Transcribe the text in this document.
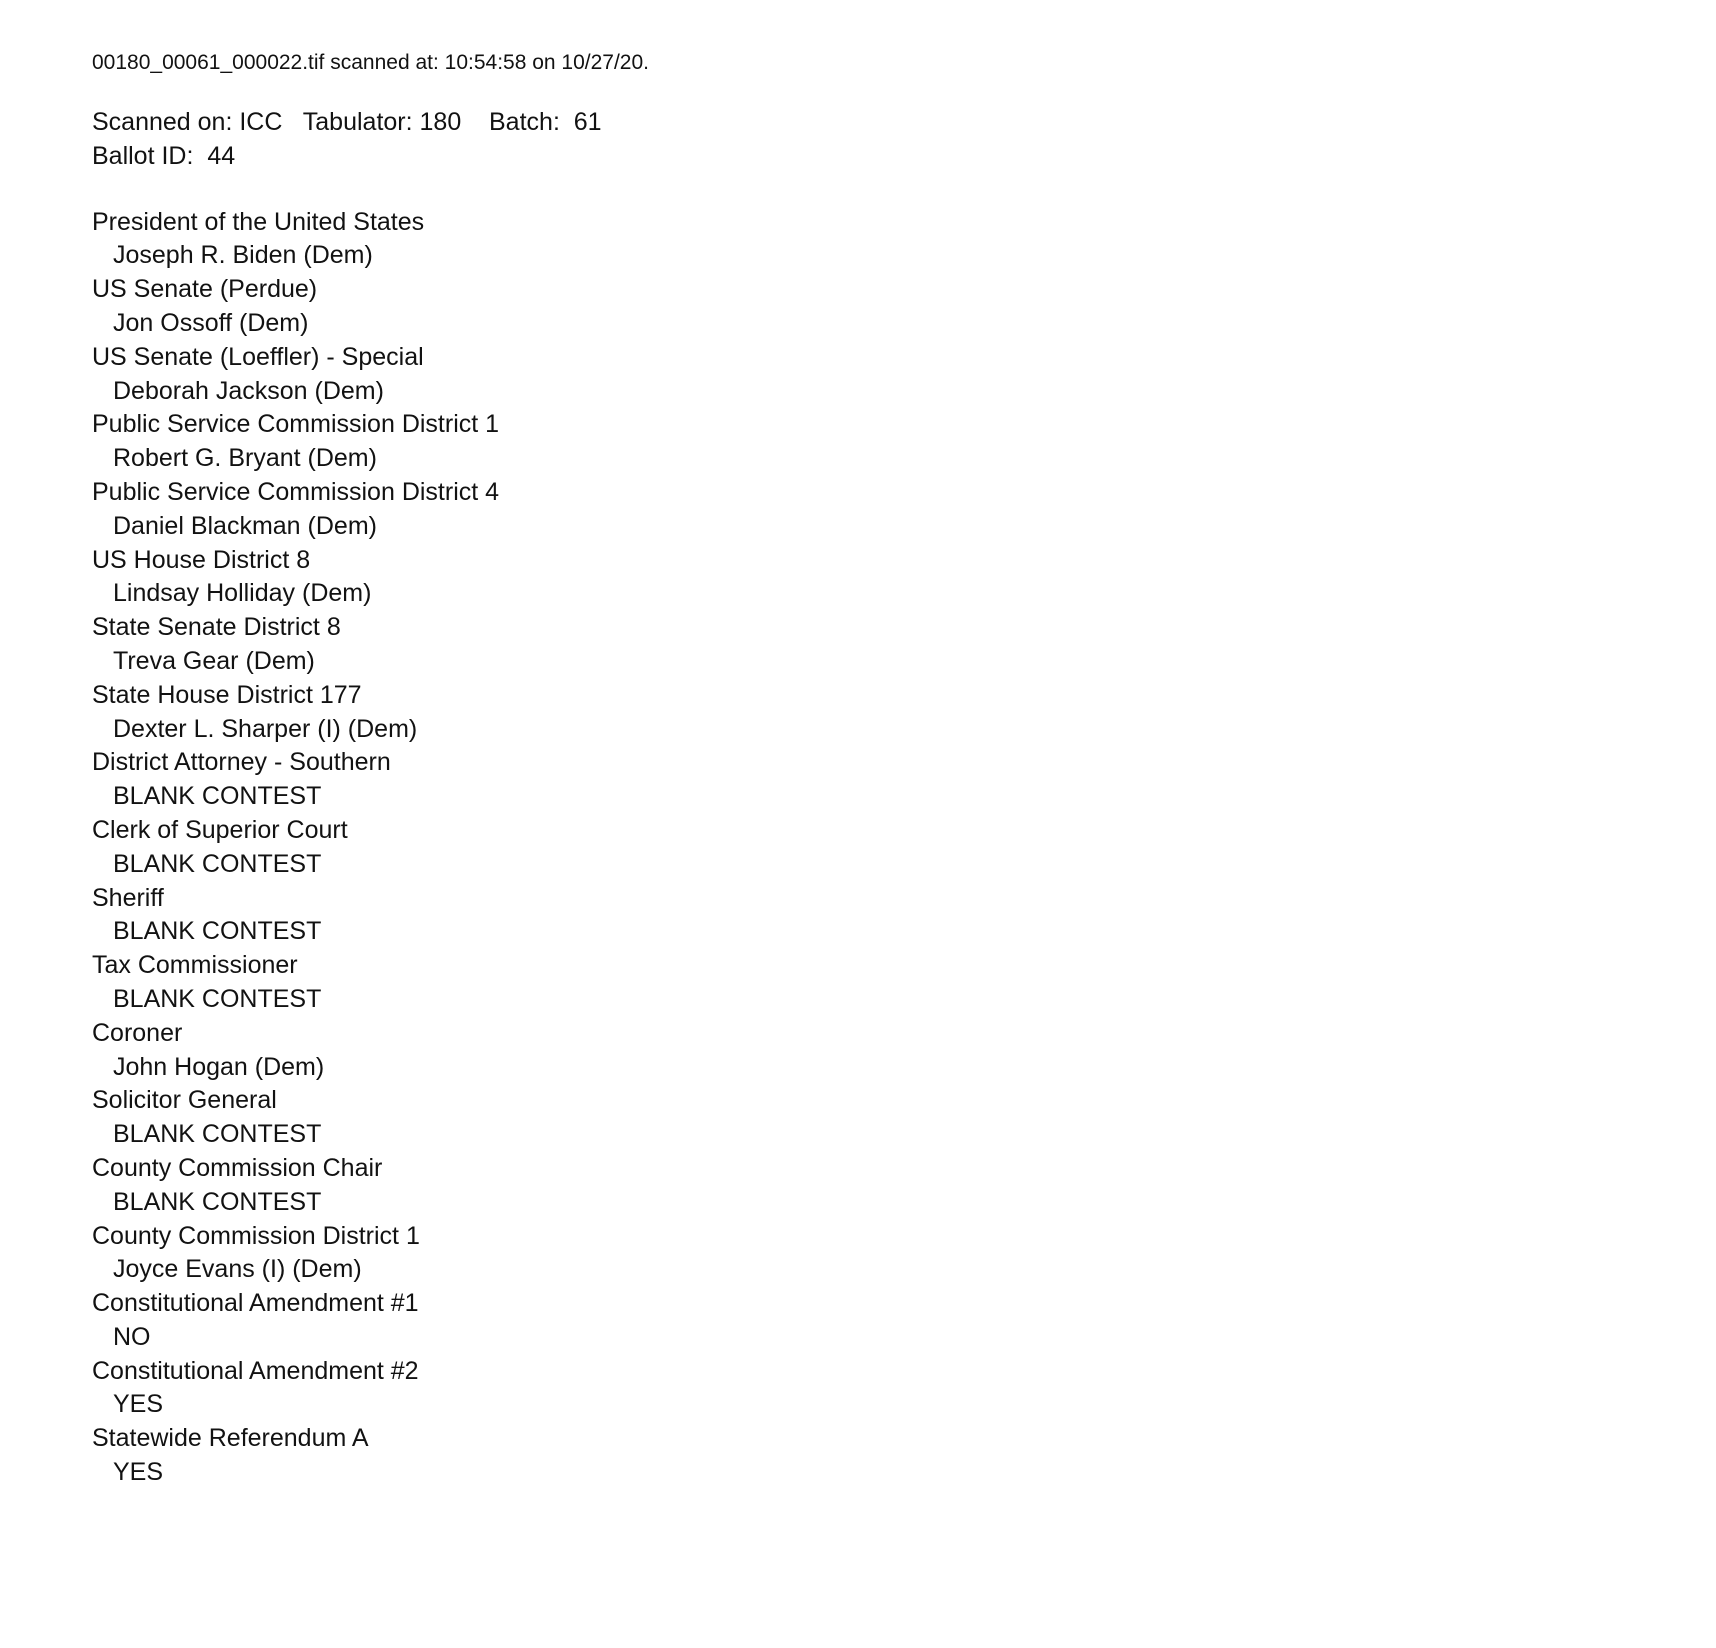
00180_00061_000022.tif scanned at: 10:54:58 on 10/27/20.
Scanned on: ICC   Tabulator: 180    Batch:  61
Ballot ID:  44
President of the United States
Joseph R. Biden (Dem)
US Senate (Perdue)
Jon Ossoff (Dem)
US Senate (Loeffler) - Special
Deborah Jackson (Dem)
Public Service Commission District 1
Robert G. Bryant (Dem)
Public Service Commission District 4
Daniel Blackman (Dem)
US House District 8
Lindsay Holliday (Dem)
State Senate District 8
Treva Gear (Dem)
State House District 177
Dexter L. Sharper (I) (Dem)
District Attorney - Southern
BLANK CONTEST
Clerk of Superior Court
BLANK CONTEST
Sheriff
BLANK CONTEST
Tax Commissioner
BLANK CONTEST
Coroner
John Hogan (Dem)
Solicitor General
BLANK CONTEST
County Commission Chair
BLANK CONTEST
County Commission District 1
Joyce Evans (I) (Dem)
Constitutional Amendment #1
NO
Constitutional Amendment #2
YES
Statewide Referendum A
YES
